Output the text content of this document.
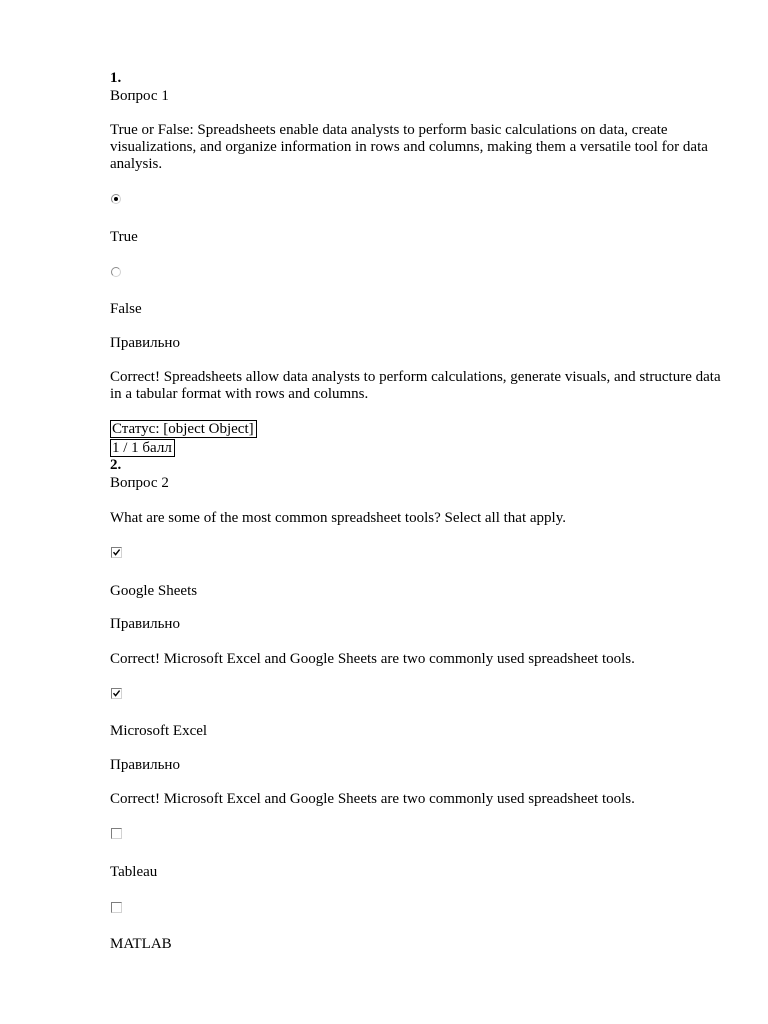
1.
Вопрос 1
True or False: Spreadsheets enable data analysts to perform basic calculations on data, create visualizations, and organize information in rows and columns, making them a versatile tool for data analysis.
True
False
Правильно
Correct! Spreadsheets allow data analysts to perform calculations, generate visuals, and structure data in a tabular format with rows and columns.
Статус: [object Object]
1 / 1 балл
2.
Вопрос 2
What are some of the most common spreadsheet tools? Select all that apply.
Google Sheets
Правильно
Correct! Microsoft Excel and Google Sheets are two commonly used spreadsheet tools.
Microsoft Excel
Правильно
Correct! Microsoft Excel and Google Sheets are two commonly used spreadsheet tools.
Tableau
MATLAB
